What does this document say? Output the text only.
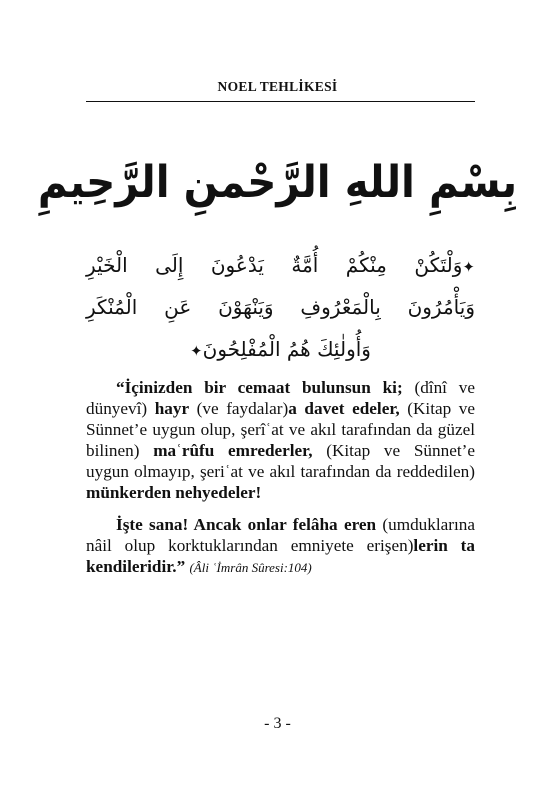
NOEL TEHLİKESİ
بِسْمِ اللهِ الرَّحْمنِ الرَّحِيمِ
✦وَلْتَكُنْ مِنْكُمْ أُمَّةٌ يَدْعُونَ إِلَى الْخَيْرِ
وَيَأْمُرُونَ بِالْمَعْرُوفِ وَيَنْهَوْنَ عَنِ الْمُنْكَرِ
وَأُولٰئِكَ هُمُ الْمُفْلِحُونَ✦

“İçinizden bir cemaat bulunsun ki; (dînî ve dünyevî) hayr (ve faydalar)a davet edeler, (Kitap ve Sünnet’e uygun olup, şerîʿat ve akıl tarafından da güzel bilinen) maʿrûfu emrederler, (Kitap ve Sünnet’e uygun olmayıp, şeriʿat ve akıl tarafından da reddedilen) münkerden nehyedeler!

İşte sana! Ancak onlar felâha eren (umduklarına nâil olup korktuklarından emniyete erişen)lerin ta kendileridir.” (Âli ʿİmrân Sûresi:104)

- 3 -
